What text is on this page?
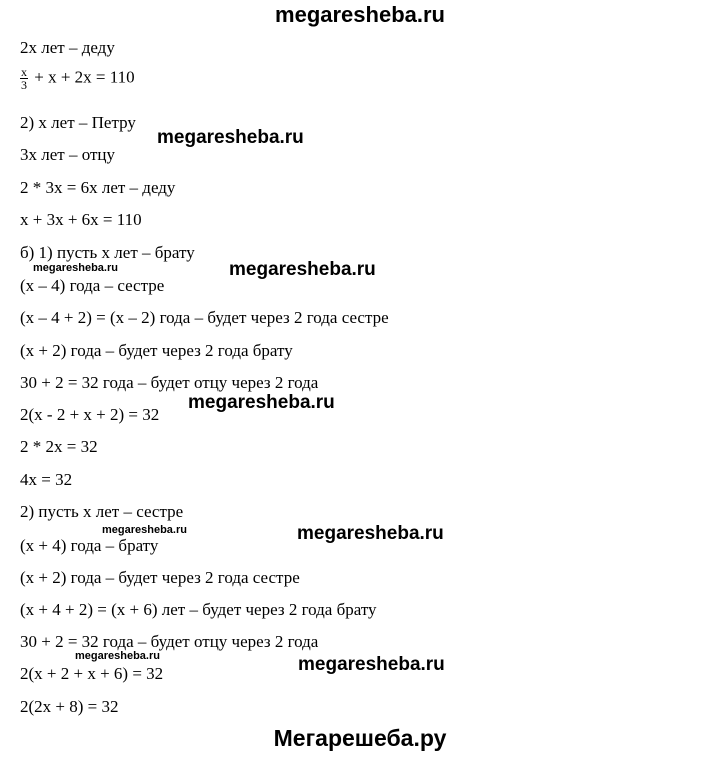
megaresheba.ru
2х лет – деду
$\frac{x}{3} + x + 2x = 110$
2) х лет – Петру
3х лет – отцу
2 * 3х = 6х лет – деду
x + 3x + 6x = 110
б) 1) пусть х лет – брату
(х – 4) года – сестре
(х – 4 + 2) = (х – 2) года – будет через 2 года сестре
(х + 2) года – будет через 2 года брату
30 + 2 = 32 года – будет отцу через 2 года
2(х - 2 + х + 2) = 32
2 * 2х = 32
4х = 32
2) пусть х лет – сестре
(х + 4) года – брату
(х + 2) года – будет через 2 года сестре
(х + 4 + 2) = (х + 6) лет – будет через 2 года брату
30 + 2 = 32 года – будет отцу через 2 года
2(х + 2 + х + 6) = 32
2(2х + 8) = 32
megaresheba.ru
megaresheba.ru	megaresheba.ru
megaresheba.ru
megaresheba.ru	megaresheba.ru
megaresheba.ru	megaresheba.ru
Мегарешеба.ру
